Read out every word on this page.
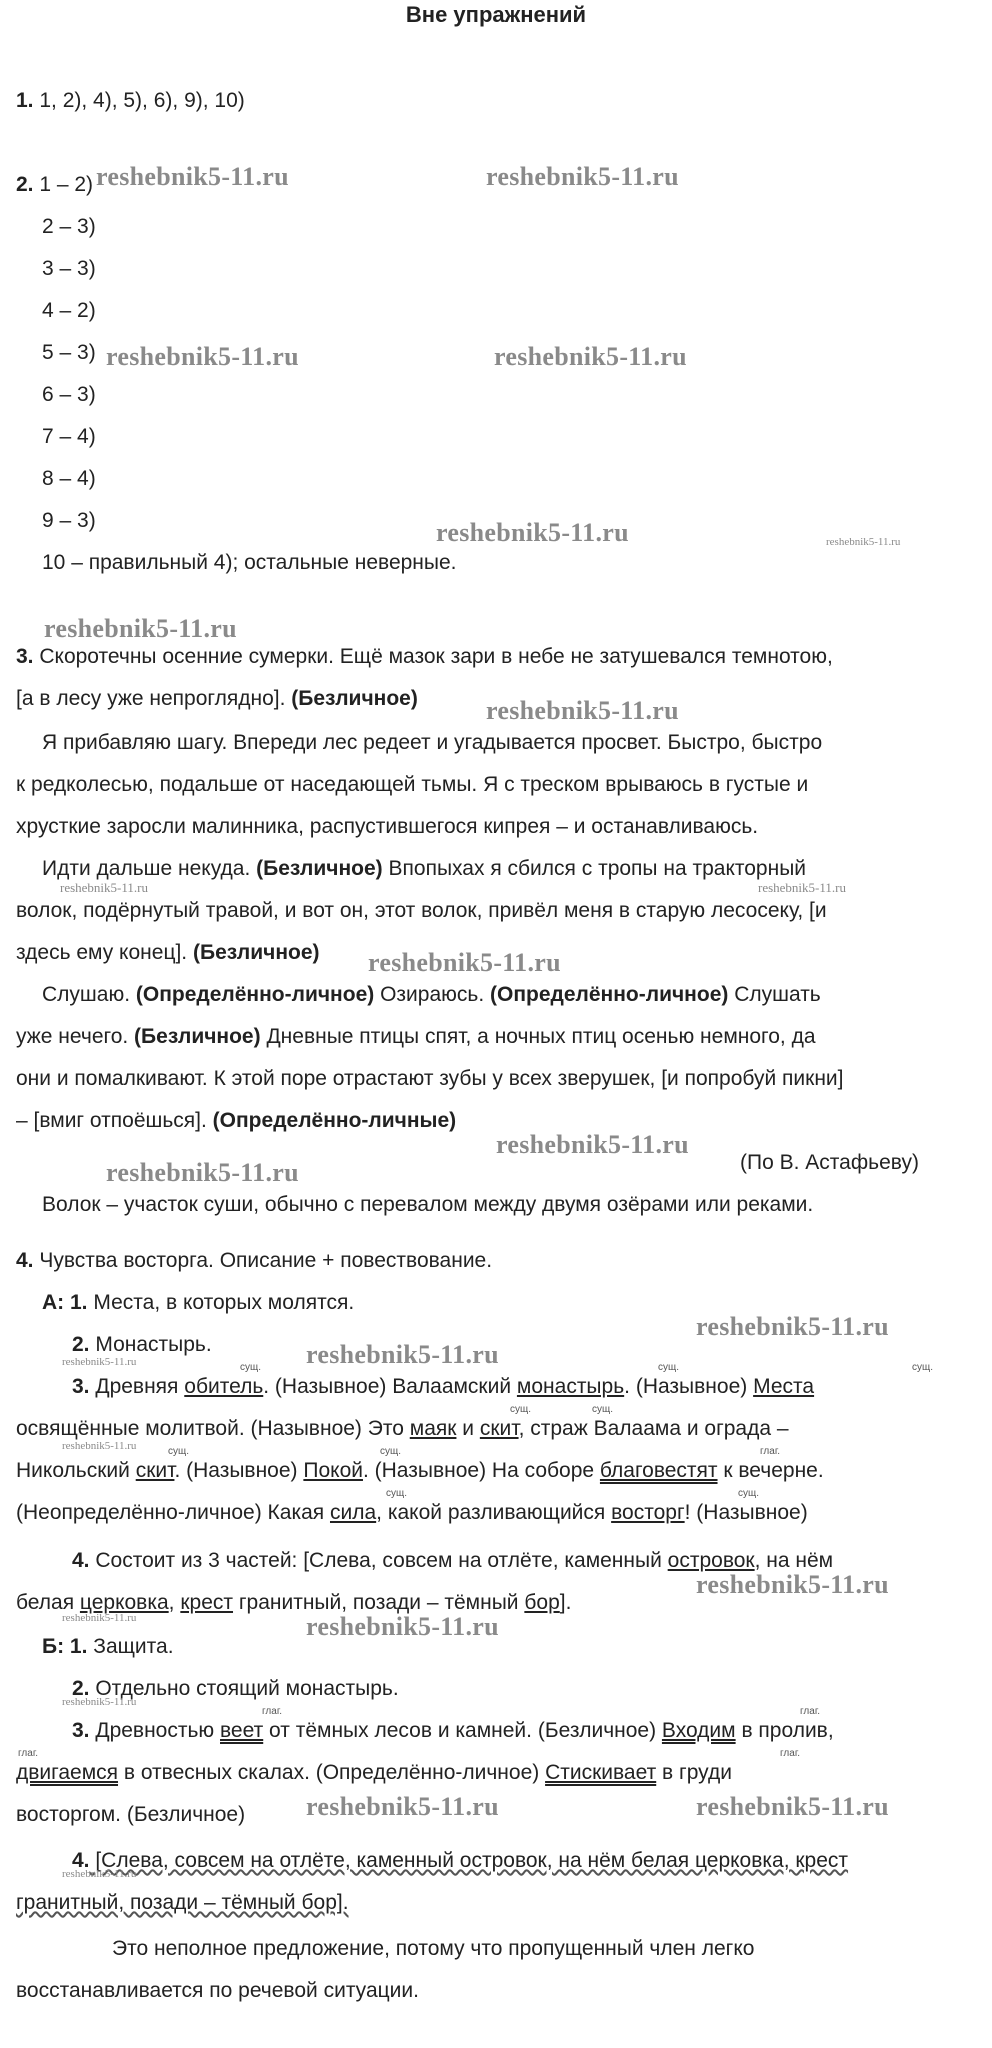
Вне упражнений
1. 1, 2), 4), 5), 6), 9), 10)
2. 1 – 2)
2 – 3)
3 – 3)
4 – 2)
5 – 3)
6 – 3)
7 – 4)
8 – 4)
9 – 3)
10 – правильный 4); остальные неверные.
3. Скоротечны осенние сумерки. Ещё мазок зари в небе не затушевался темнотою,
[а в лесу уже непроглядно]. (Безличное)
Я прибавляю шагу. Впереди лес редеет и угадывается просвет. Быстро, быстро
к редколесью, подальше от наседающей тьмы. Я с треском врываюсь в густые и
хрусткие заросли малинника, распустившегося кипрея – и останавливаюсь.
Идти дальше некуда. (Безличное) Впопыхах я сбился с тропы на тракторный
волок, подёрнутый травой, и вот он, этот волок, привёл меня в старую лесосеку, [и
здесь ему конец]. (Безличное)
Слушаю. (Определённо-личное) Озираюсь. (Определённо-личное) Слушать
уже нечего. (Безличное) Дневные птицы спят, а ночных птиц осенью немного, да
они и помалкивают. К этой поре отрастают зубы у всех зверушек, [и попробуй пикни]
– [вмиг отпоёшься]. (Определённо-личные)
(По В. Астафьеву)
Волок – участок суши, обычно с перевалом между двумя озёрами или реками.
4. Чувства восторга. Описание + повествование.
А: 1. Места, в которых молятся.
2. Монастырь.
3. Древняя обитель. (Назывное) Валаамский монастырь. (Назывное) Места
освящённые молитвой. (Назывное) Это маяк и скит, страж Валаама и ограда –
Никольский скит. (Назывное) Покой. (Назывное) На соборе благовестят к вечерне.
(Неопределённо-личное) Какая сила, какой разливающийся восторг! (Назывное)
4. Состоит из 3 частей: [Слева, совсем на отлёте, каменный островок, на нём
белая церковка, крест гранитный, позади – тёмный бор].
Б: 1. Защита.
2. Отдельно стоящий монастырь.
3. Древностью веет от тёмных лесов и камней. (Безличное) Входим в пролив,
двигаемся в отвесных скалах. (Определённо-личное) Стискивает в груди
восторгом. (Безличное)
4. [Слева, совсем на отлёте, каменный островок, на нём белая церковка, крест
гранитный, позади – тёмный бор].
Это неполное предложение, потому что пропущенный член легко
восстанавливается по речевой ситуации.
сущ.	сущ.	сущ.
сущ.	сущ.
сущ.	сущ.	глаг.
сущ.	сущ.
глаг.	глаг.
глаг.	глаг.
reshebnik5-11.ru	reshebnik5-11.ru
reshebnik5-11.ru	reshebnik5-11.ru
reshebnik5-11.ru	reshebnik5-11.ru
reshebnik5-11.ru
reshebnik5-11.ru
reshebnik5-11.ru	reshebnik5-11.ru
reshebnik5-11.ru
reshebnik5-11.ru
reshebnik5-11.ru
reshebnik5-11.ru
reshebnik5-11.ru
reshebnik5-11.ru
reshebnik5-11.ru
reshebnik5-11.ru
reshebnik5-11.ru	reshebnik5-11.ru
reshebnik5-11.ru
reshebnik5-11.ru	reshebnik5-11.ru
reshebnik5-11.ru
